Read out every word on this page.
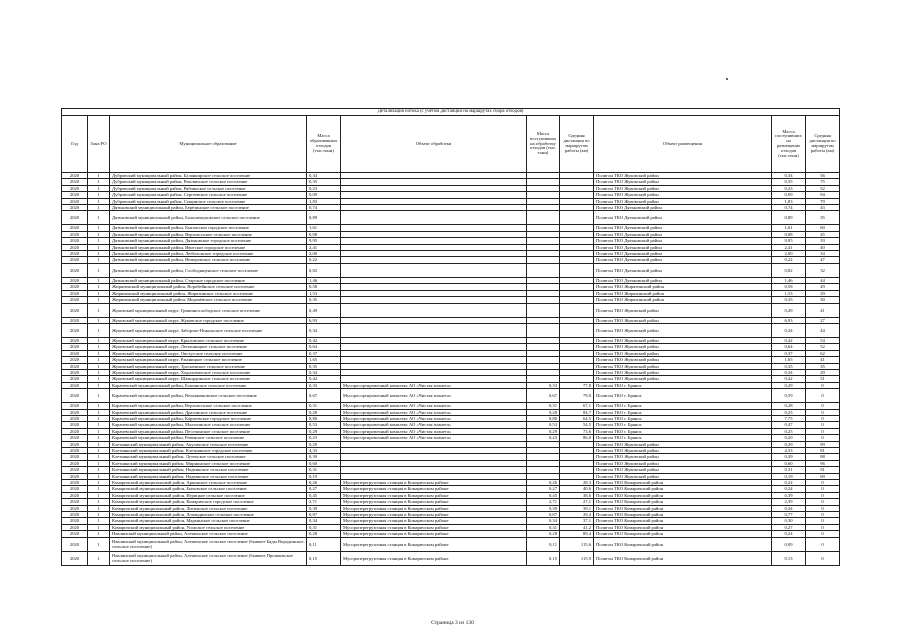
Детализация потока (с учетом дистанций на маршрутах сбора отходов)									
Год	Зона РО	Муниципальное образование	Масса образованных отходов (тыс.тонн)	Объект обработки	Масса поступивших на обработку отходов (тыс. тонн)	Средняя дистанция по маршрутам работы (км)	Объект размещения	Масса поступивших на размещение отходов (тыс.тонн)	Средняя дистанция по маршрутам работы (км)
2020	1	Дубровский муниципальный район, Баланкирское сельское поселение	0,34				Полигон ТКО Жуковский район	0,34	56
2020	1	Дубровский муниципальный район, Рековичское сельское поселение	0,35				Полигон ТКО Жуковский район	0,35	75
2020	1	Дубровский муниципальный район, Рябчинское сельское поселение	0,23				Полигон ТКО Жуковский район	0,23	52
2020	1	Дубровский муниципальный район, Сергеевское сельское поселение	0,09				Полигон ТКО Жуковский район	0,09	94
2020	1	Дубровский муниципальный район, Сещинское сельское поселение	1,83				Полигон ТКО Жуковский район	1,83	79
2020	1	Дятьковский муниципальный район, Берёзинское сельское поселение	0,74				Полигон ТКО Дятьковский район	0,74	43
2020	1	Дятьковский муниципальный район, Большежуковское сельское поселение	0,89				Полигон ТКО Дятьковский район	0,89	35
2020	1	Дятьковский муниципальный район, Бытошское городское поселение	1,61				Полигон ТКО Дятьковский район	1,61	60
2020	1	Дятьковский муниципальный район, Верхополское сельское поселение	0,08				Полигон ТКО Дятьковский район	0,08	45
2020	1	Дятьковский муниципальный район, Дятьковское городское поселение	9,95				Полигон ТКО Дятьковский район	9,95	33
2020	1	Дятьковский муниципальный район, Ивотское городское поселение	2,41				Полигон ТКО Дятьковский район	2,41	40
2020	1	Дятьковский муниципальный район, Любохонское городское поселение	2,00				Полигон ТКО Дятьковский район	2,00	34
2020	1	Дятьковский муниципальный район, Немеровское сельское поселение	0,22				Полигон ТКО Дятьковский район	0,22	47
2020	1	Дятьковский муниципальный район, Слободищенское сельское поселение	0,82				Полигон ТКО Дятьковский район	0,82	32
2020	1	Дятьковский муниципальный район, Старское городское поселение	1,46				Полигон ТКО Дятьковский район	1,46	44
2020	1	Жирятинский муниципальный район, Воробейнское сельское поселение	0,58				Полигон ТКО Жирятинский район	0,58	49
2020	1	Жирятинский муниципальный район, Жирятинское сельское поселение	1,53				Полигон ТКО Жирятинский район	1,53	29
2020	1	Жирятинский муниципальный район, Морачёвское сельское поселение	0,35				Полигон ТКО Жирятинский район	0,35	30
2020	1	Жуковский муниципальный округ, Гришинослободское сельское поселение	0,49				Полигон ТКО Жуковский район	0,49	41
2020	1	Жуковский муниципальный округ, Жуковское городское поселение	6,93				Полигон ТКО Жуковский район	6,93	27
2020	1	Жуковский муниципальный округ, Заборско-Никольское сельское поселение	0,34				Полигон ТКО Жуковский район	0,34	44
2020	1	Жуковский муниципальный округ, Крыловское сельское поселение	0,42				Полигон ТКО Жуковский район	0,42	54
2020	1	Жуковский муниципальный округ, Летошницкое сельское поселение	0,64				Полигон ТКО Жуковский район	0,64	52
2020	1	Жуковский муниципальный округ, Овстугское сельское поселение	0,37				Полигон ТКО Жуковский район	0,37	62
2020	1	Жуковский муниципальный округ, Ржаницкое сельское поселение	1,65				Полигон ТКО Жуковский район	1,65	41
2020	1	Жуковский муниципальный округ, Тросненское сельское поселение	0,35				Полигон ТКО Жуковский район	0,35	35
2020	1	Жуковский муниципальный округ, Ходиловичское сельское поселение	0,34				Полигон ТКО Жуковский район	0,34	29
2020	1	Жуковский муниципальный округ, Шамординское сельское поселение	0,42				Полигон ТКО Жуковский район	0,42	51
2020	1	Карачевский муниципальный район, Бошинское сельское поселение	0,33	Мусоросортировочный комплекс АО «Чистая планета»	0,33	77,8	Полигон ТКО г. Брянск	0,29	0
2020	1	Карачевский муниципальный район, Вельяминовское сельское поселение	0,67	Мусоросортировочный комплекс АО «Чистая планета»	0,67	79,0	Полигон ТКО г. Брянск	0,59	0
2020	1	Карачевский муниципальный район, Верхополское сельское поселение	0,31	Мусоросортировочный комплекс АО «Чистая планета»	0,31	67,1	Полигон ТКО г. Брянск	0,28	0
2020	1	Карачевский муниципальный район, Драгинское сельское поселение	0,28	Мусоросортировочный комплекс АО «Чистая планета»	0,28	84,7	Полигон ТКО г. Брянск	0,25	0
2020	1	Карачевский муниципальный район, Карачевское городское поселение	8,80	Мусоросортировочный комплекс АО «Чистая планета»	8,80	64,5	Полигон ТКО г. Брянск	7,75	0
2020	1	Карачевский муниципальный район, Мальтинское сельское поселение	0,53	Мусоросортировочный комплекс АО «Чистая планета»	0,53	54,5	Полигон ТКО г. Брянск	0,47	0
2020	1	Карачевский муниципальный район, Песочинское сельское поселение	0,29	Мусоросортировочный комплекс АО «Чистая планета»	0,29	73,6	Полигон ТКО г. Брянск	0,25	0
2020	1	Карачевский муниципальный район, Ревенское сельское поселение	0,23	Мусоросортировочный комплекс АО «Чистая планета»	0,23	86,0	Полигон ТКО г. Брянск	0,20	0
2020	1	Клетнянский муниципальный район, Акуличское сельское поселение	0,29				Полигон ТКО Жуковский район	0,29	99
2020	1	Клетнянский муниципальный район, Клетнянское городское поселение	4,33				Полигон ТКО Жуковский район	4,33	81
2020	1	Клетнянский муниципальный район, Лутенское сельское поселение	0,39				Полигон ТКО Жуковский район	0,39	88
2020	1	Клетнянский муниципальный район, Мирнинское сельское поселение	0,60				Полигон ТКО Жуковский район	0,60	96
2020	1	Клетнянский муниципальный район, Надвинское сельское поселение	0,31				Полигон ТКО Жуковский район	0,31	91
2020	1	Клетнянский муниципальный район, Надвинское сельское поселение	0,19				Полигон ТКО Жуковский район	0,19	69
2020	1	Комаричский муниципальный район, Аркинское сельское поселение	0,26	Мусороперегрузочная станция в Комаричском районе	0,26	28,3	Полигон ТКО Комаричский район	0,22	0
2020	1	Комаричский муниципальный район, Быховское сельское поселение	0,27	Мусороперегрузочная станция в Комаричском районе	0,27	40,6	Полигон ТКО Комаричский район	0,24	0
2020	1	Комаричский муниципальный район, Игрицкое сельское поселение	0,45	Мусороперегрузочная станция в Комаричском районе	0,45	38,6	Полигон ТКО Комаричский район	0,39	0
2020	1	Комаричский муниципальный район, Комаричское городское поселение	2,71	Мусороперегрузочная станция в Комаричском районе	2,71	27,1	Полигон ТКО Комаричский район	2,39	0
2020	1	Комаричский муниципальный район, Литижское сельское поселение	0,39	Мусороперегрузочная станция в Комаричском районе	0,39	39,1	Полигон ТКО Комаричский район	0,34	0
2020	1	Комаричский муниципальный район, Лопандинское сельское поселение	0,87	Мусороперегрузочная станция в Комаричском районе	0,87	29,4	Полигон ТКО Комаричский район	0,77	0
2020	1	Комаричский муниципальный район, Марьинское сельское поселение	0,34	Мусороперегрузочная станция в Комаричском районе	0,34	37,1	Полигон ТКО Комаричский район	0,30	0
2020	1	Комаричский муниципальный район, Усожское сельское поселение	0,31	Мусороперегрузочная станция в Комаричском районе	0,31	41,2	Полигон ТКО Комаричский район	0,27	0
2020	1	Навлинский муниципальный район, Алешенское сельское поселение	0,28	Мусороперегрузочная станция в Комаричском районе	0,28	89,4	Полигон ТКО Комаричский район	0,24	0
2020	1	Навлинский муниципальный район, Алешенское сельское поселение (бывшее Бяды Вородинское сельское поселение)	0,11	Мусороперегрузочная станция в Комаричском районе	0,11	115,6	Полигон ТКО Комаричский район	0,09	0
2020	1	Навлинский муниципальный район, Алешенское сельское поселение (бывшее Прошковское сельское поселение)	0,15	Мусороперегрузочная станция в Комаричском районе	0,15	115,9	Полигон ТКО Комаричский район	0,13	0
Страница 3 из 130
